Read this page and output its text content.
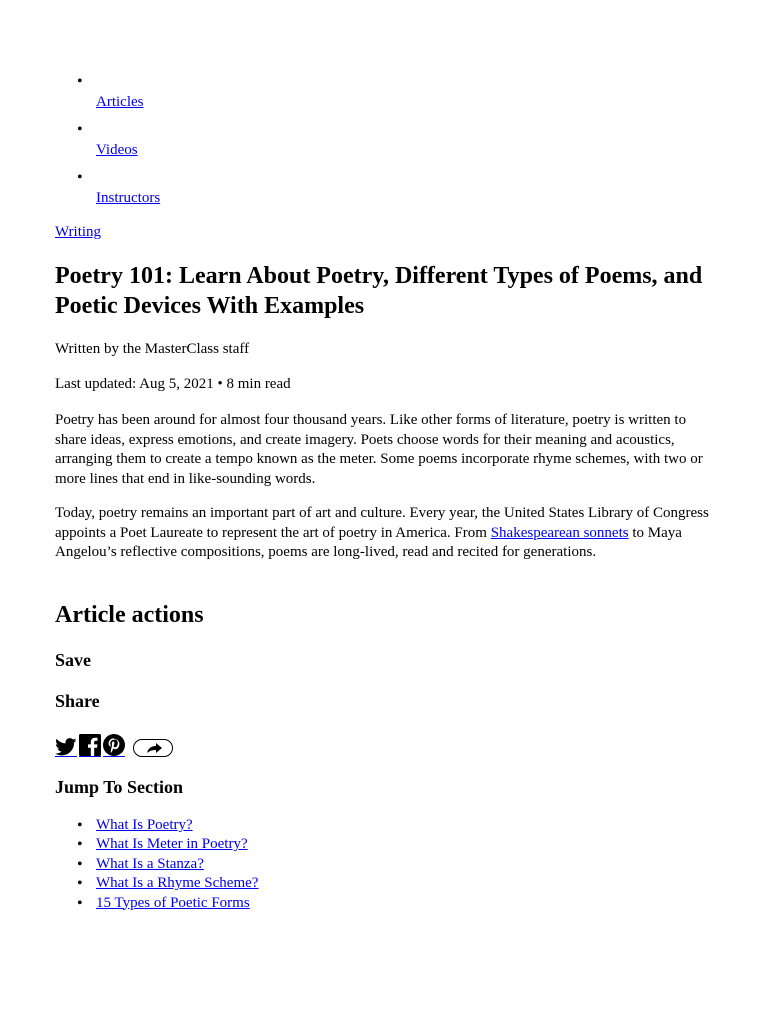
•
Articles
•
Videos
•
Instructors
Writing
Poetry 101: Learn About Poetry, Different Types of Poems, and Poetic Devices With Examples
Written by the MasterClass staff
Last updated: Aug 5, 2021 • 8 min read

Poetry has been around for almost four thousand years. Like other forms of literature, poetry is written to share ideas, express emotions, and create imagery. Poets choose words for their meaning and acoustics, arranging them to create a tempo known as the meter. Some poems incorporate rhyme schemes, with two or more lines that end in like-sounding words.

Today, poetry remains an important part of art and culture. Every year, the United States Library of Congress appoints a Poet Laureate to represent the art of poetry in America. From Shakespearean sonnets to Maya Angelou’s reflective compositions, poems are long-lived, read and recited for generations.

Article actions
Save
Share
Jump To Section
• What Is Poetry?
• What Is Meter in Poetry?
• What Is a Stanza?
• What Is a Rhyme Scheme?
• 15 Types of Poetic Forms
